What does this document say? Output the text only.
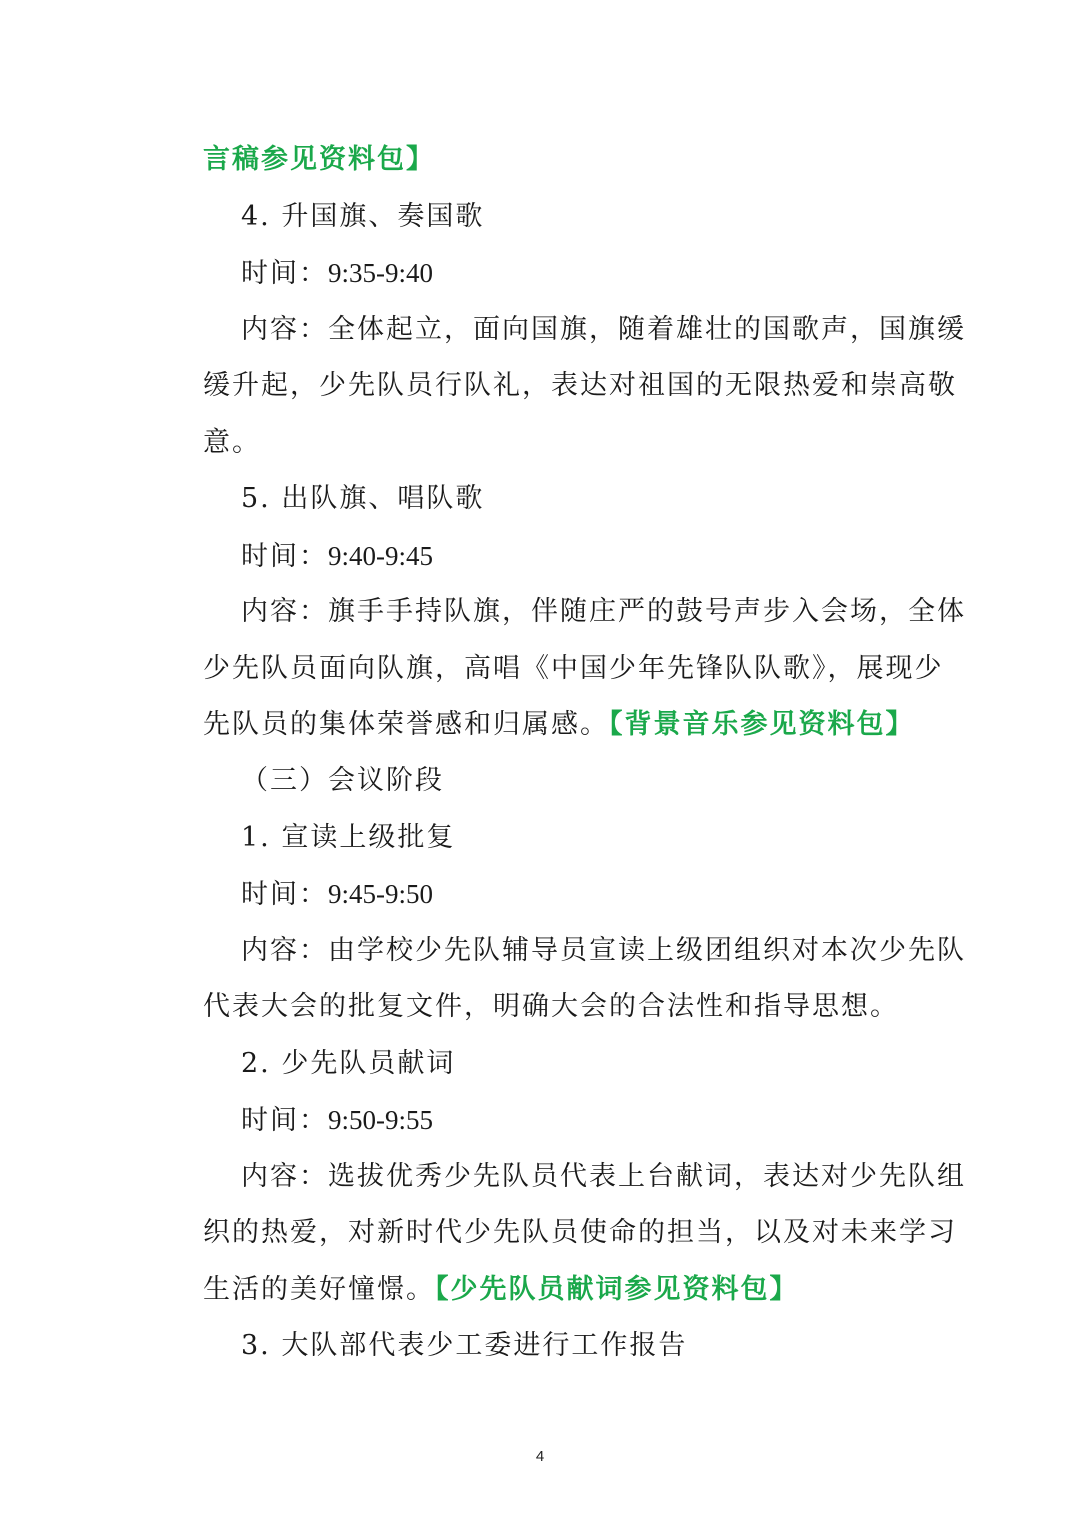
言稿参见资料包】
4. 升国旗、奏国歌
时间：9:35-9:40
内容：全体起立，面向国旗，随着雄壮的国歌声，国旗缓
缓升起，少先队员行队礼，表达对祖国的无限热爱和崇高敬
意。
5. 出队旗、唱队歌
时间：9:40-9:45
内容：旗手手持队旗，伴随庄严的鼓号声步入会场，全体
少先队员面向队旗，高唱《中国少年先锋队队歌》，展现少
先队员的集体荣誉感和归属感。【背景音乐参见资料包】
（三）会议阶段
1. 宣读上级批复
时间：9:45-9:50
内容：由学校少先队辅导员宣读上级团组织对本次少先队
代表大会的批复文件，明确大会的合法性和指导思想。
2. 少先队员献词
时间：9:50-9:55
内容：选拔优秀少先队员代表上台献词，表达对少先队组
织的热爱，对新时代少先队员使命的担当，以及对未来学习
生活的美好憧憬。【少先队员献词参见资料包】
3. 大队部代表少工委进行工作报告
4
